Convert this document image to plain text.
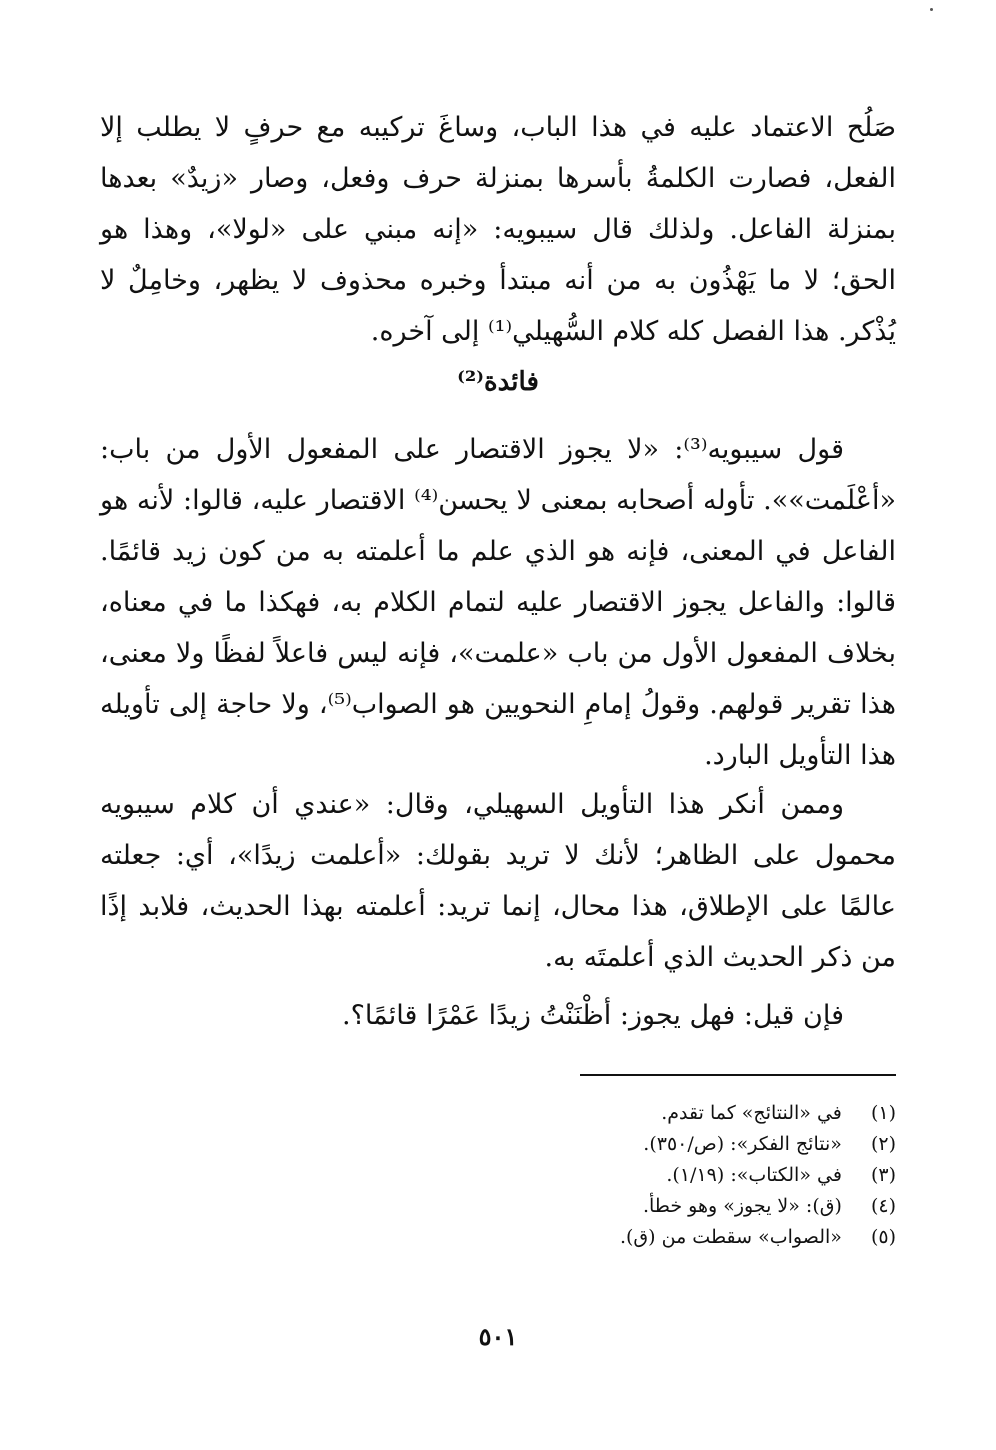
صَلُح الاعتماد عليه في هذا الباب، وساغَ تركيبه مع حرفٍ لا يطلب إلا الفعل، فصارت الكلمةُ بأسرها بمنزلة حرف وفعل، وصار «زيدٌ» بعدها بمنزلة الفاعل. ولذلك قال سيبويه: «إنه مبني على «لولا»، وهذا هو الحق؛ لا ما يَهْذُون به من أنه مبتدأ وخبره محذوف لا يظهر، وخامِلٌ لا يُذْكر. هذا الفصل كله كلام السُّهيلي⁽¹⁾ إلى آخره.

فائدة⁽²⁾

قول سيبويه⁽³⁾: «لا يجوز الاقتصار على المفعول الأول من باب: «أعْلَمت»». تأوله أصحابه بمعنى لا يحسن⁽⁴⁾ الاقتصار عليه، قالوا: لأنه هو الفاعل في المعنى، فإنه هو الذي علم ما أعلمته به من كون زيد قائمًا. قالوا: والفاعل يجوز الاقتصار عليه لتمام الكلام به، فهكذا ما في معناه، بخلاف المفعول الأول من باب «علمت»، فإنه ليس فاعلاً لفظًا ولا معنى، هذا تقرير قولهم. وقولُ إمامِ النحويين هو الصواب⁽⁵⁾، ولا حاجة إلى تأويله هذا التأويل البارد.

وممن أنكر هذا التأويل السهيلي، وقال: «عندي أن كلام سيبويه محمول على الظاهر؛ لأنك لا تريد بقولك: «أعلمت زيدًا»، أي: جعلته عالمًا على الإطلاق، هذا محال، إنما تريد: أعلمته بهذا الحديث، فلابد إذًا من ذكر الحديث الذي أعلمتَه به.

فإن قيل: فهل يجوز: أظْنَنْتُ زيدًا عَمْرًا قائمًا؟.

(١)  في «النتائج» كما تقدم.
(٢)  «نتائج الفكر»: (ص/٣٥٠).
(٣)  في «الكتاب»: (١/١٩).
(٤)  (ق): «لا يجوز» وهو خطأ.
(٥)  «الصواب» سقطت من (ق).
٥٠١
